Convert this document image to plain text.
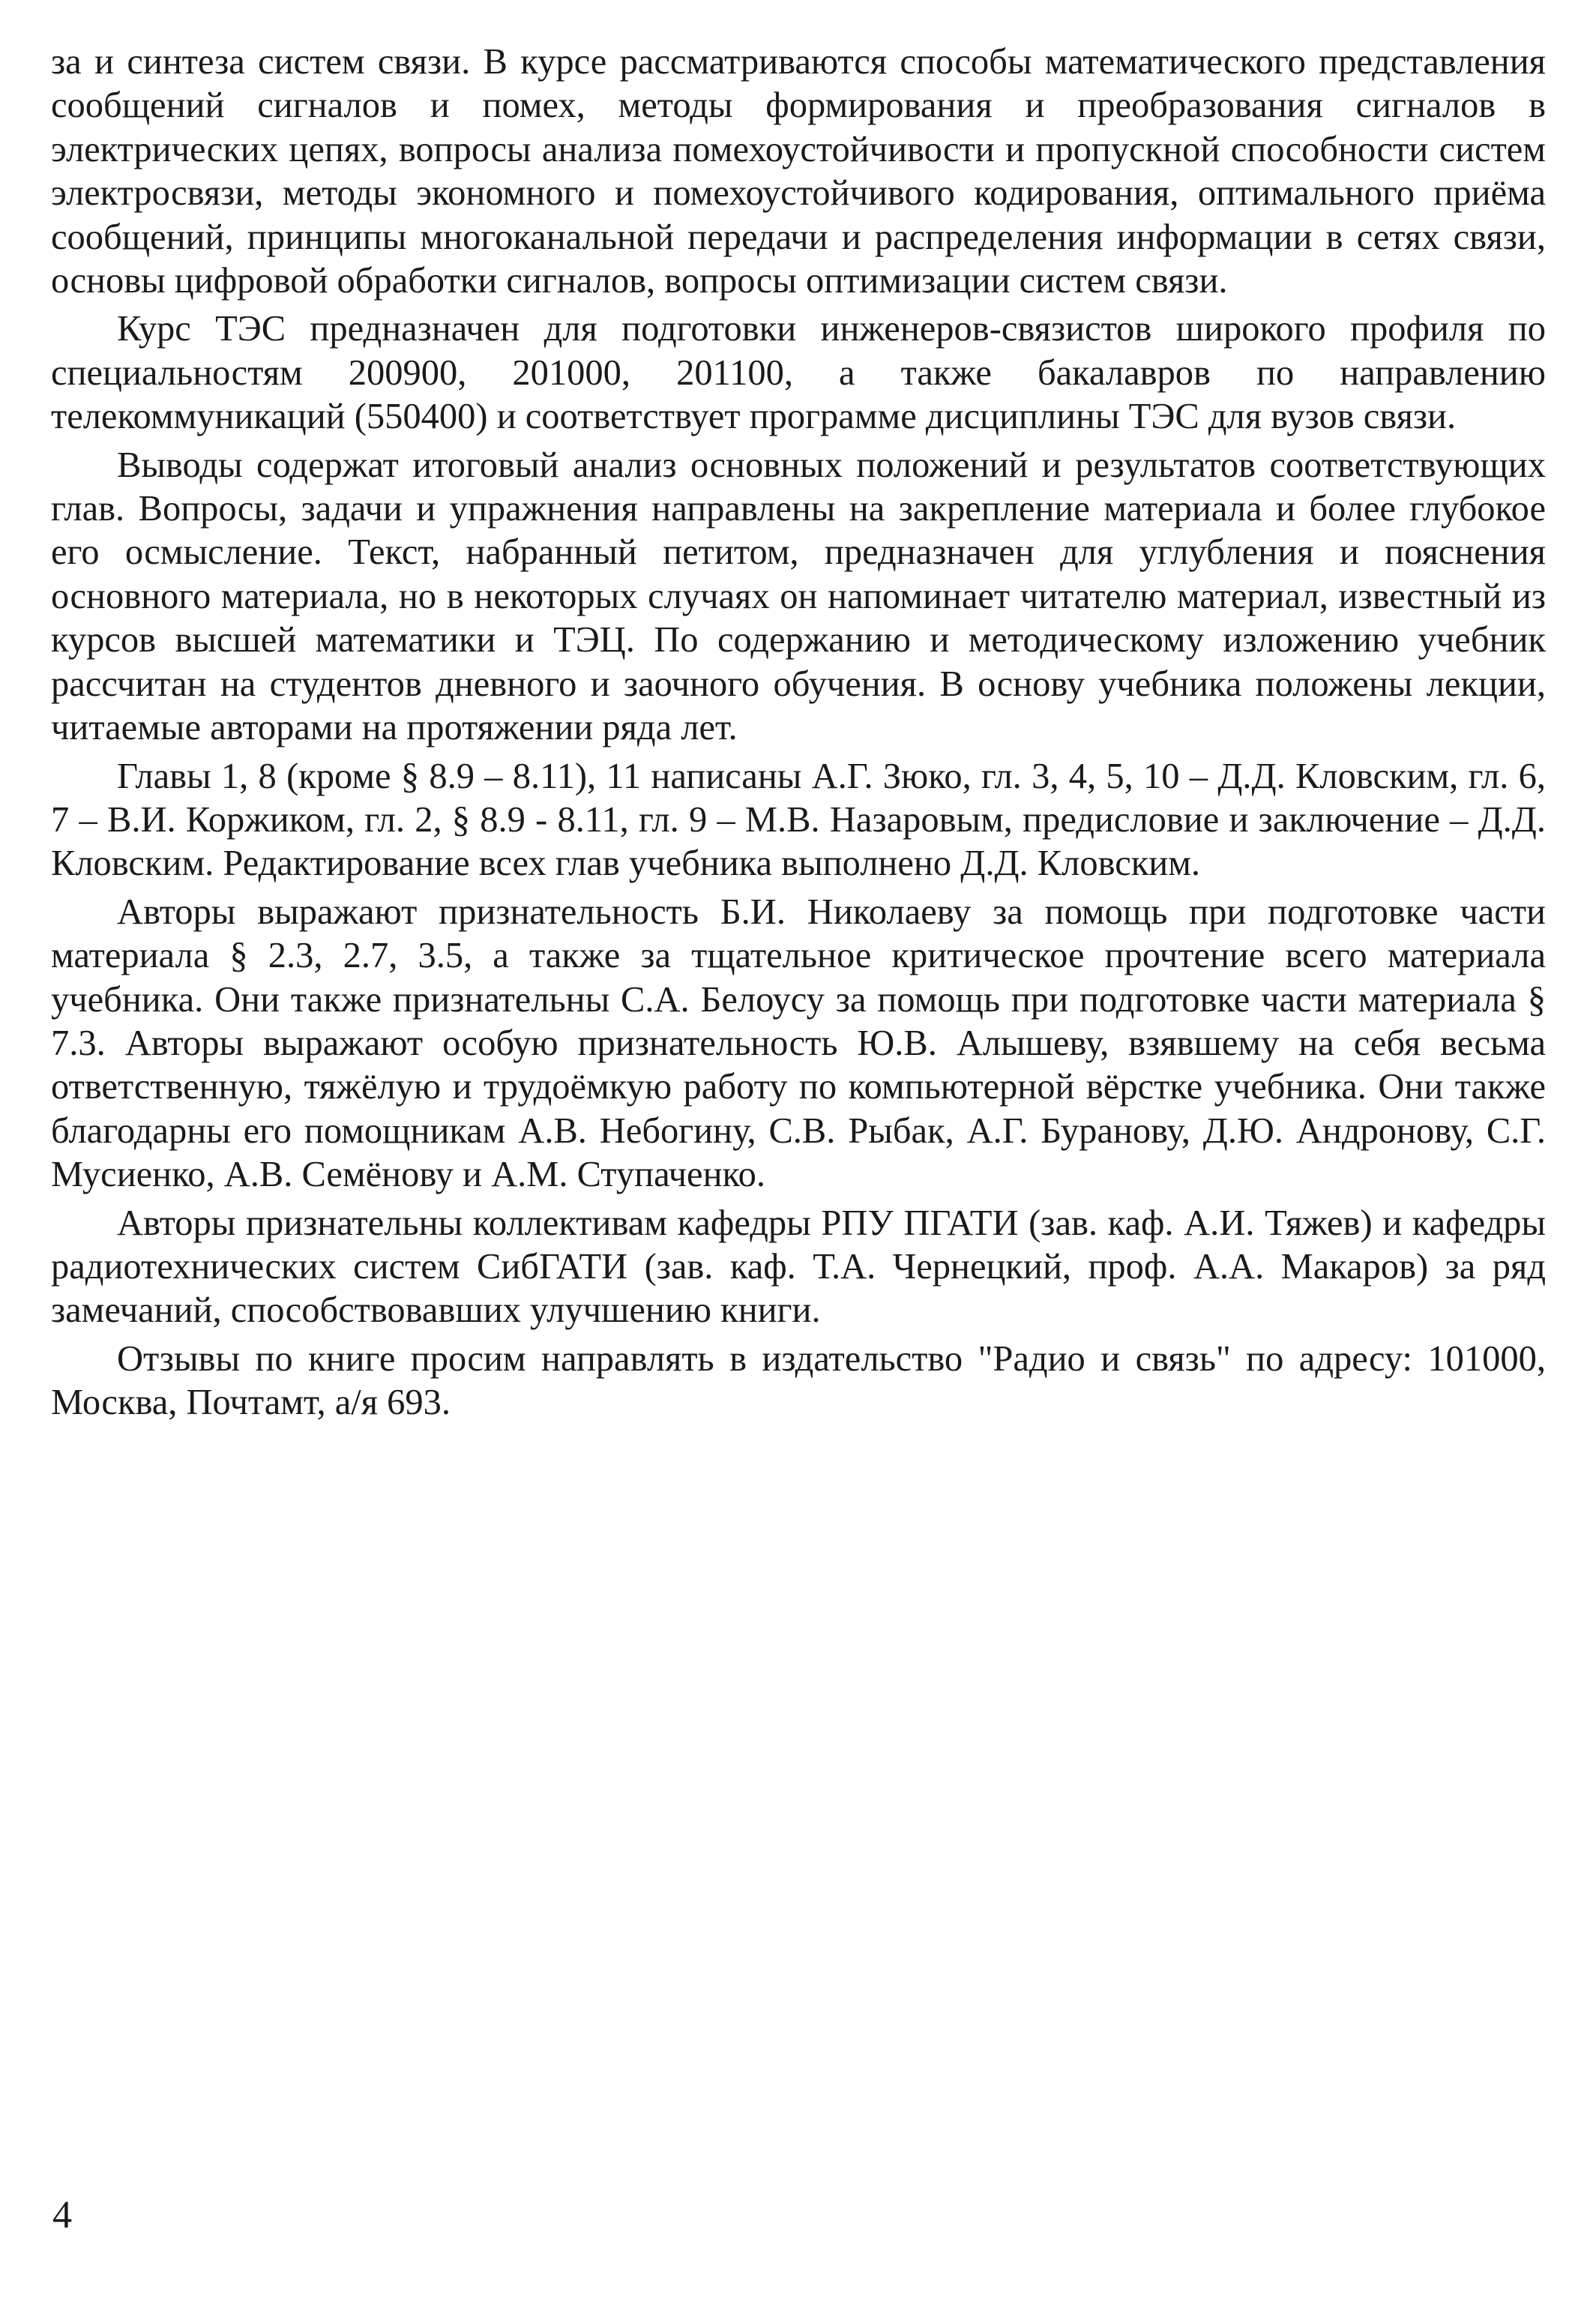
за и синтеза систем связи. В курсе рассматриваются способы математического представления сообщений сигналов и помех, методы формирования и преобразования сигналов в электрических цепях, вопросы анализа помехоустойчивости и пропускной способности систем электросвязи, методы экономного и помехоустойчивого кодирования, оптимального приёма сообщений, принципы многоканальной передачи и распределения информации в сетях связи, основы цифровой обработки сигналов, вопросы оптимизации систем связи.

Курс ТЭС предназначен для подготовки инженеров-связистов широкого профиля по специальностям 200900, 201000, 201100, а также бакалавров по направлению телекоммуникаций (550400) и соответствует программе дисциплины ТЭС для вузов связи.

Выводы содержат итоговый анализ основных положений и результатов соответствующих глав. Вопросы, задачи и упражнения направлены на закрепление материала и более глубокое его осмысление. Текст, набранный петитом, предназначен для углубления и пояснения основного материала, но в некоторых случаях он напоминает читателю материал, известный из курсов высшей математики и ТЭЦ. По содержанию и методическому изложению учебник рассчитан на студентов дневного и заочного обучения. В основу учебника положены лекции, читаемые авторами на протяжении ряда лет.

Главы 1, 8 (кроме § 8.9 – 8.11), 11 написаны А.Г. Зюко, гл. 3, 4, 5, 10 – Д.Д. Кловским, гл. 6, 7 – В.И. Коржиком, гл. 2, § 8.9 - 8.11, гл. 9 – М.В. Назаровым, предисловие и заключение – Д.Д. Кловским. Редактирование всех глав учебника выполнено Д.Д. Кловским.

Авторы выражают признательность Б.И. Николаеву за помощь при подготовке части материала § 2.3, 2.7, 3.5, а также за тщательное критическое прочтение всего материала учебника. Они также признательны С.А. Белоусу за помощь при подготовке части материала § 7.3. Авторы выражают особую признательность Ю.В. Алышеву, взявшему на себя весьма ответственную, тяжёлую и трудоёмкую работу по компьютерной вёрстке учебника. Они также благодарны его помощникам А.В. Небогину, С.В. Рыбак, А.Г. Буранову, Д.Ю. Андронову, С.Г. Мусиенко, А.В. Семёнову и А.М. Ступаченко.

Авторы признательны коллективам кафедры РПУ ПГАТИ (зав. каф. А.И. Тяжев) и кафедры радиотехнических систем СибГАТИ (зав. каф. Т.А. Чернецкий, проф. А.А. Макаров) за ряд замечаний, способствовавших улучшению книги.

Отзывы по книге просим направлять в издательство "Радио и связь" по адресу: 101000, Москва, Почтамт, а/я 693.

4
